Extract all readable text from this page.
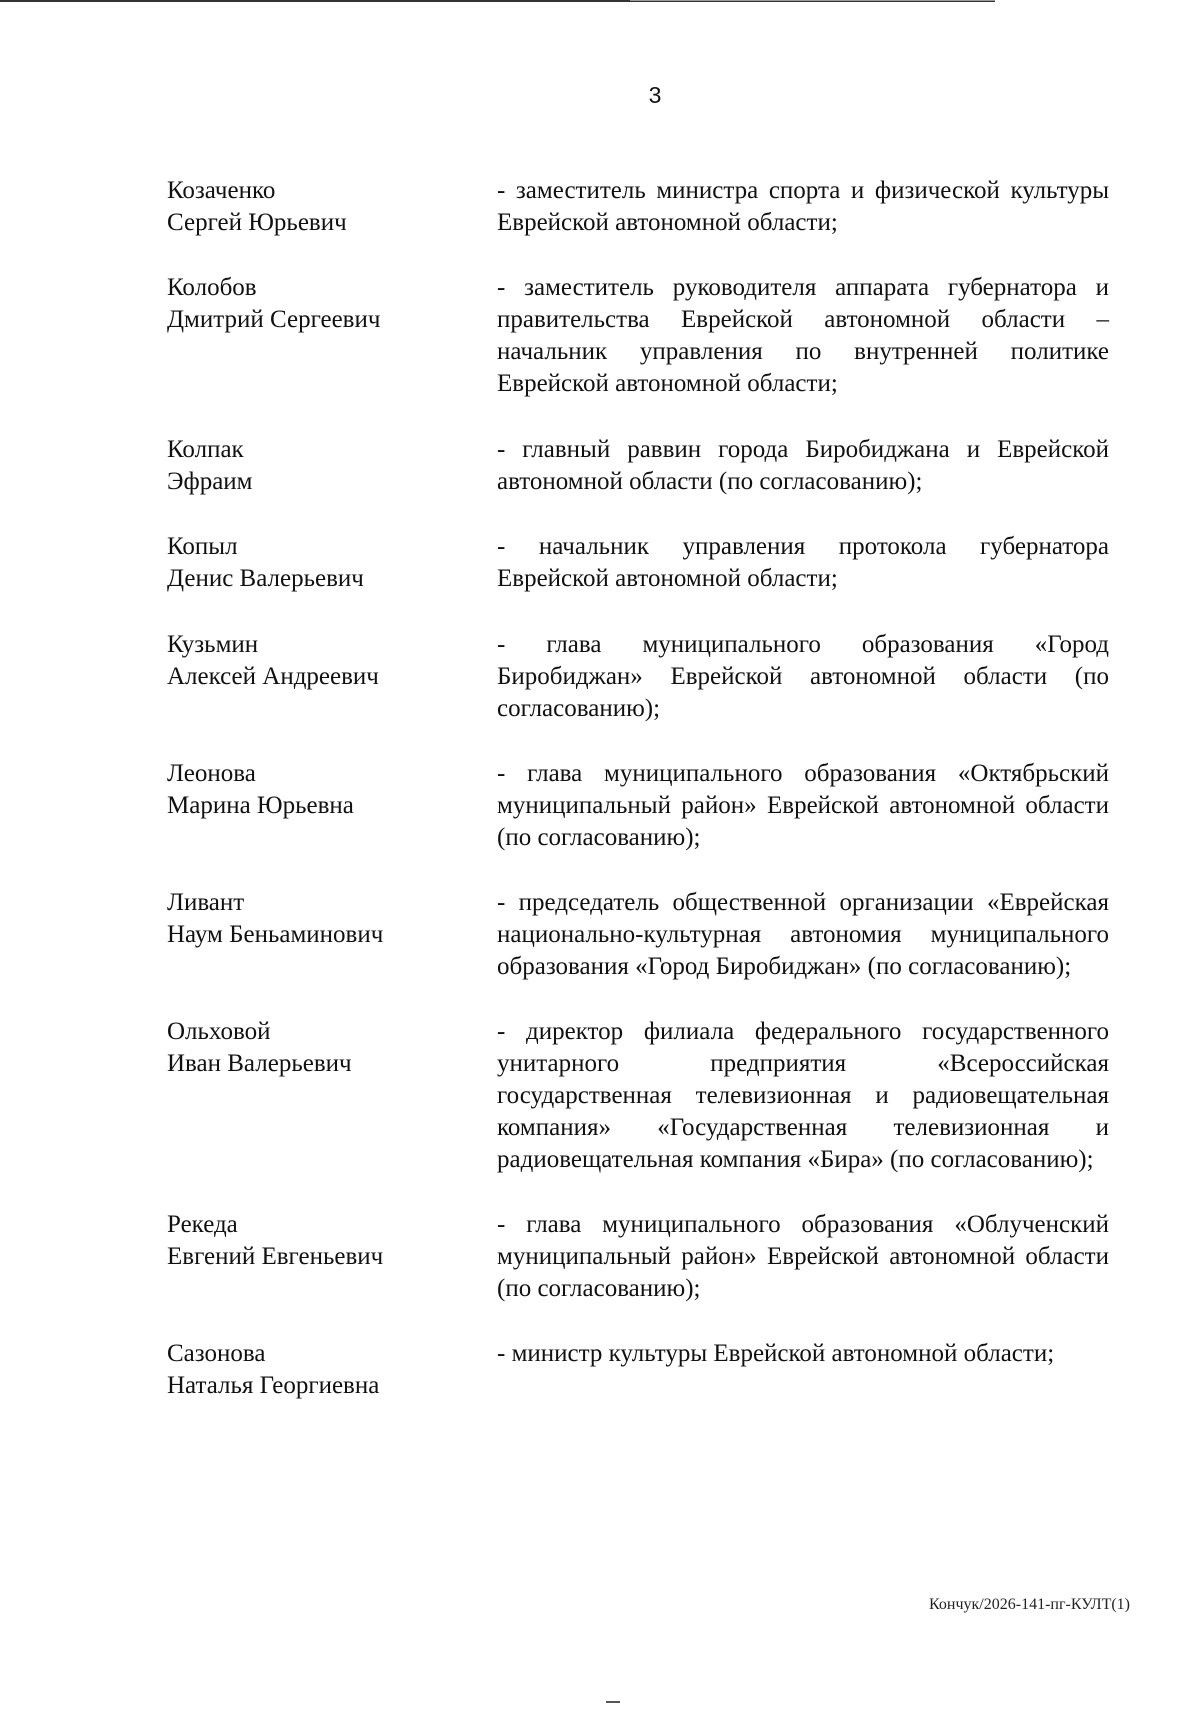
3
Козаченко
Сергей Юрьевич
- заместитель министра спорта и физической культуры Еврейской автономной области;
Колобов
Дмитрий Сергеевич
- заместитель руководителя аппарата губернатора и правительства Еврейской автономной области – начальник управления по внутренней политике Еврейской автономной области;
Колпак
Эфраим
- главный раввин города Биробиджана и Еврейской автономной области (по согласованию);
Копыл
Денис Валерьевич
- начальник управления протокола губернатора Еврейской автономной области;
Кузьмин
Алексей Андреевич
- глава муниципального образования «Город Биробиджан» Еврейской автономной области (по согласованию);
Леонова
Марина Юрьевна
- глава муниципального образования «Октябрьский муниципальный район» Еврейской автономной области (по согласованию);
Ливант
Наум Беньаминович
- председатель общественной организации «Еврейская национально-культурная автономия муниципального образования «Город Биробиджан» (по согласованию);
Ольховой
Иван Валерьевич
- директор филиала федерального государственного унитарного предприятия «Всероссийская государственная телевизионная и радиовещательная компания» «Государственная телевизионная и радиовещательная компания «Бира» (по согласованию);
Рекеда
Евгений Евгеньевич
- глава муниципального образования «Облученский муниципальный район» Еврейской автономной области (по согласованию);
Сазонова
Наталья Георгиевна
- министр культуры Еврейской автономной области;
Кончук/2026-141-пг-КУЛТ(1)
